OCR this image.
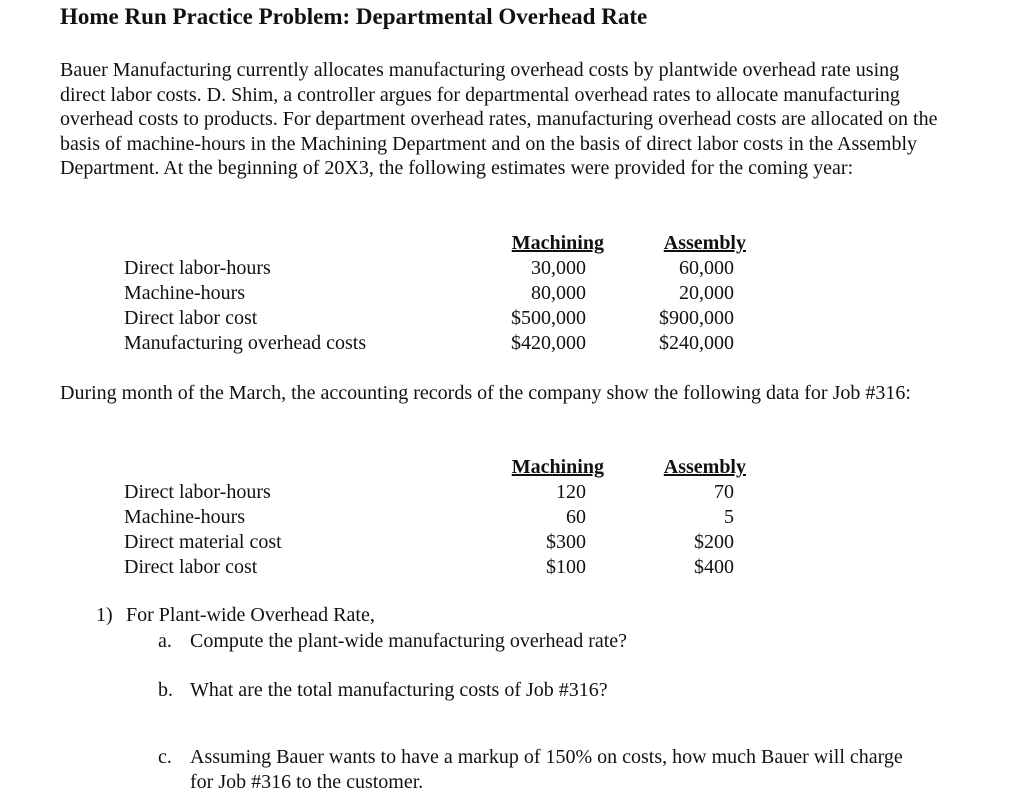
Home Run Practice Problem: Departmental Overhead Rate

Bauer Manufacturing currently allocates manufacturing overhead costs by plantwide overhead rate using direct labor costs. D. Shim, a controller argues for departmental overhead rates to allocate manufacturing overhead costs to products. For department overhead rates, manufacturing overhead costs are allocated on the basis of machine-hours in the Machining Department and on the basis of direct labor costs in the Assembly Department. At the beginning of 20X3, the following estimates were provided for the coming year:

	Machining	Assembly
Direct labor-hours	30,000	60,000
Machine-hours	80,000	20,000
Direct labor cost	$500,000	$900,000
Manufacturing overhead costs	$420,000	$240,000

During month of the March, the accounting records of the company show the following data for Job #316:

	Machining	Assembly
Direct labor-hours	120	70
Machine-hours	60	5
Direct material cost	$300	$200
Direct labor cost	$100	$400

1) For Plant-wide Overhead Rate,

a. Compute the plant-wide manufacturing overhead rate?

b. What are the total manufacturing costs of Job #316?

c. Assuming Bauer wants to have a markup of 150% on costs, how much Bauer will charge for Job #316 to the customer.
